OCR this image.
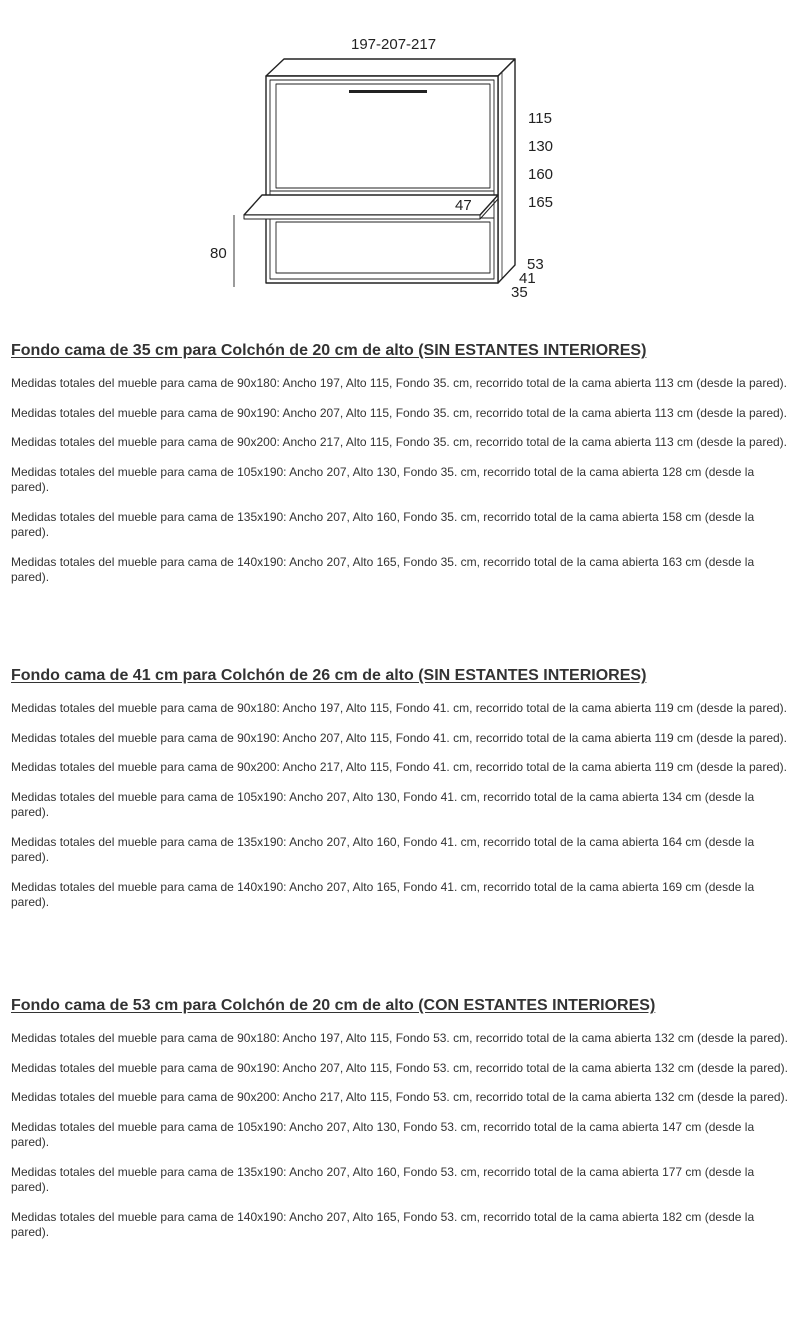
197-207-217
115
130
160
165
47
80
53
41
35
Fondo cama de 35 cm para Colchón de 20 cm de alto (SIN ESTANTES INTERIORES)

Medidas totales del mueble para cama de 90x180: Ancho 197, Alto 115, Fondo 35. cm, recorrido total de la cama abierta 113 cm (desde la pared).

Medidas totales del mueble para cama de 90x190: Ancho 207, Alto 115, Fondo 35. cm, recorrido total de la cama abierta 113 cm (desde la pared).

Medidas totales del mueble para cama de 90x200: Ancho 217, Alto 115, Fondo 35. cm, recorrido total de la cama abierta 113 cm (desde la pared).

Medidas totales del mueble para cama de 105x190: Ancho 207, Alto 130, Fondo 35. cm, recorrido total de la cama abierta 128 cm (desde la pared).

Medidas totales del mueble para cama de 135x190: Ancho 207, Alto 160, Fondo 35. cm, recorrido total de la cama abierta 158 cm (desde la pared).

Medidas totales del mueble para cama de 140x190: Ancho 207, Alto 165, Fondo 35. cm, recorrido total de la cama abierta 163 cm (desde la pared).

Fondo cama de 41 cm para Colchón de 26 cm de alto (SIN ESTANTES INTERIORES)

Medidas totales del mueble para cama de 90x180: Ancho 197, Alto 115, Fondo 41. cm, recorrido total de la cama abierta 119 cm (desde la pared).

Medidas totales del mueble para cama de 90x190: Ancho 207, Alto 115, Fondo 41. cm, recorrido total de la cama abierta 119 cm (desde la pared).

Medidas totales del mueble para cama de 90x200: Ancho 217, Alto 115, Fondo 41. cm, recorrido total de la cama abierta 119 cm (desde la pared).

Medidas totales del mueble para cama de 105x190: Ancho 207, Alto 130, Fondo 41. cm, recorrido total de la cama abierta 134 cm (desde la pared).

Medidas totales del mueble para cama de 135x190: Ancho 207, Alto 160, Fondo 41. cm, recorrido total de la cama abierta 164 cm (desde la pared).

Medidas totales del mueble para cama de 140x190: Ancho 207, Alto 165, Fondo 41. cm, recorrido total de la cama abierta 169 cm (desde la pared).

Fondo cama de 53 cm para Colchón de 20 cm de alto (CON ESTANTES INTERIORES)

Medidas totales del mueble para cama de 90x180: Ancho 197, Alto 115, Fondo 53. cm, recorrido total de la cama abierta 132 cm (desde la pared).

Medidas totales del mueble para cama de 90x190: Ancho 207, Alto 115, Fondo 53. cm, recorrido total de la cama abierta 132 cm (desde la pared).

Medidas totales del mueble para cama de 90x200: Ancho 217, Alto 115, Fondo 53. cm, recorrido total de la cama abierta 132 cm (desde la pared).

Medidas totales del mueble para cama de 105x190: Ancho 207, Alto 130, Fondo 53. cm, recorrido total de la cama abierta 147 cm (desde la pared).

Medidas totales del mueble para cama de 135x190: Ancho 207, Alto 160, Fondo 53. cm, recorrido total de la cama abierta 177 cm (desde la pared).

Medidas totales del mueble para cama de 140x190: Ancho 207, Alto 165, Fondo 53. cm, recorrido total de la cama abierta 182 cm (desde la pared).
